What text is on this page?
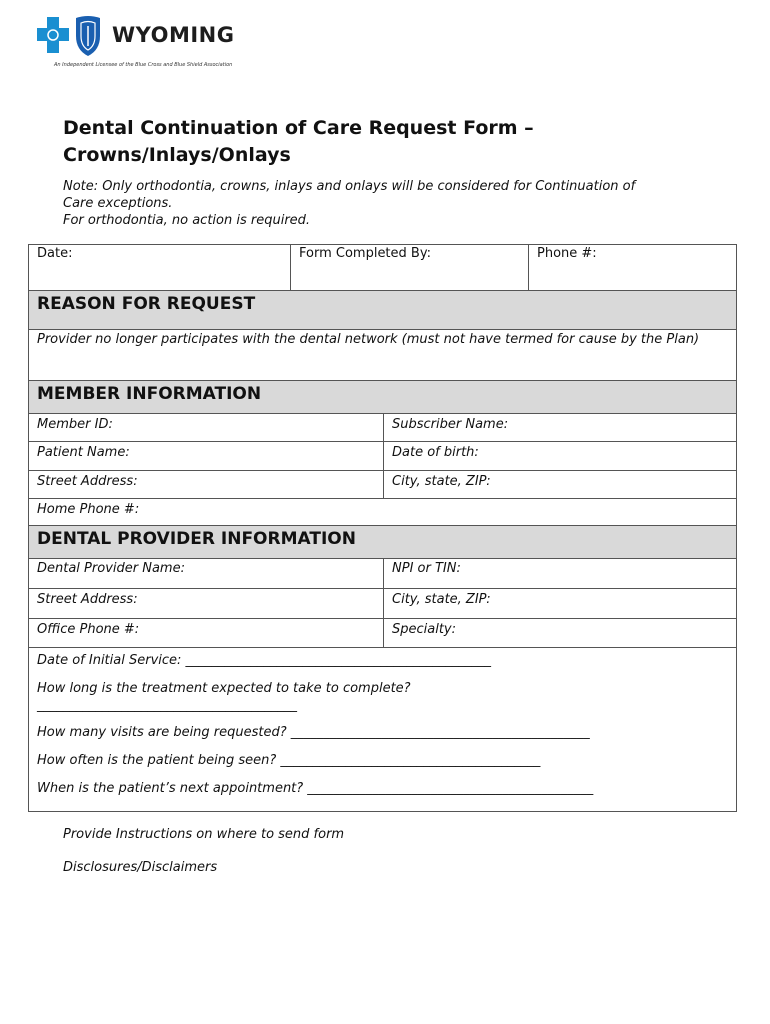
WYOMING
An Independent Licensee of the Blue Cross and Blue Shield Association
Dental Continuation of Care Request Form –
Crowns/Inlays/Onlays
Note: Only orthodontia, crowns, inlays and onlays will be considered for Continuation of
Care exceptions.
For orthodontia, no action is required.
Date:	Form Completed By:	Phone #:
REASON FOR REQUEST
Provider no longer participates with the dental network (must not have termed for cause by the Plan)
MEMBER INFORMATION
Member ID:	Subscriber Name:
Patient Name:	Date of birth:
Street Address:	City, state, ZIP:
Home Phone #:
DENTAL PROVIDER INFORMATION
Dental Provider Name:	NPI or TIN:
Street Address:	City, state, ZIP:
Office Phone #:	Specialty:
Date of Initial Service: _______________________________________________
How long is the treatment expected to take to complete?
________________________________________
How many visits are being requested? ______________________________________________
How often is the patient being seen? ________________________________________
When is the patient’s next appointment? ____________________________________________
Provide Instructions on where to send form
Disclosures/Disclaimers
